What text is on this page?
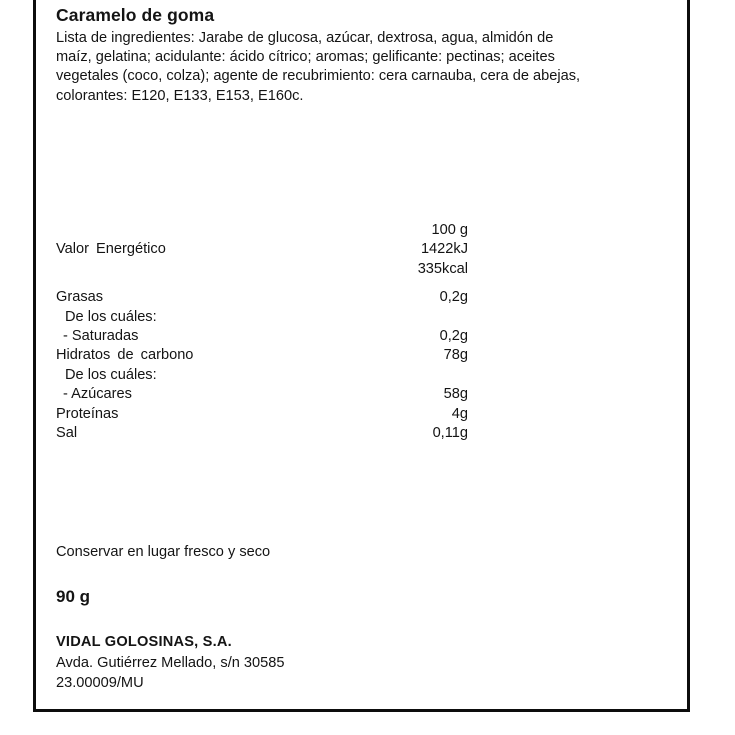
Caramelo de goma
Lista de ingredientes: Jarabe de glucosa, azúcar, dextrosa, agua, almidón de
maíz, gelatina; acidulante: ácido cítrico; aromas; gelificante: pectinas; aceites
vegetales (coco, colza); agente de recubrimiento: cera carnauba, cera de abejas,
colorantes: E120, E133, E153, E160c.
100 g
Valor Energético	1422kJ
335kcal
Grasas	0,2g
De los cuáles:
- Saturadas	0,2g
Hidratos de carbono	78g
De los cuáles:
- Azúcares	58g
Proteínas	4g
Sal	0,11g
Conservar en lugar fresco y seco
90 g
VIDAL GOLOSINAS, S.A.
Avda. Gutiérrez Mellado, s/n 30585
23.00009/MU
